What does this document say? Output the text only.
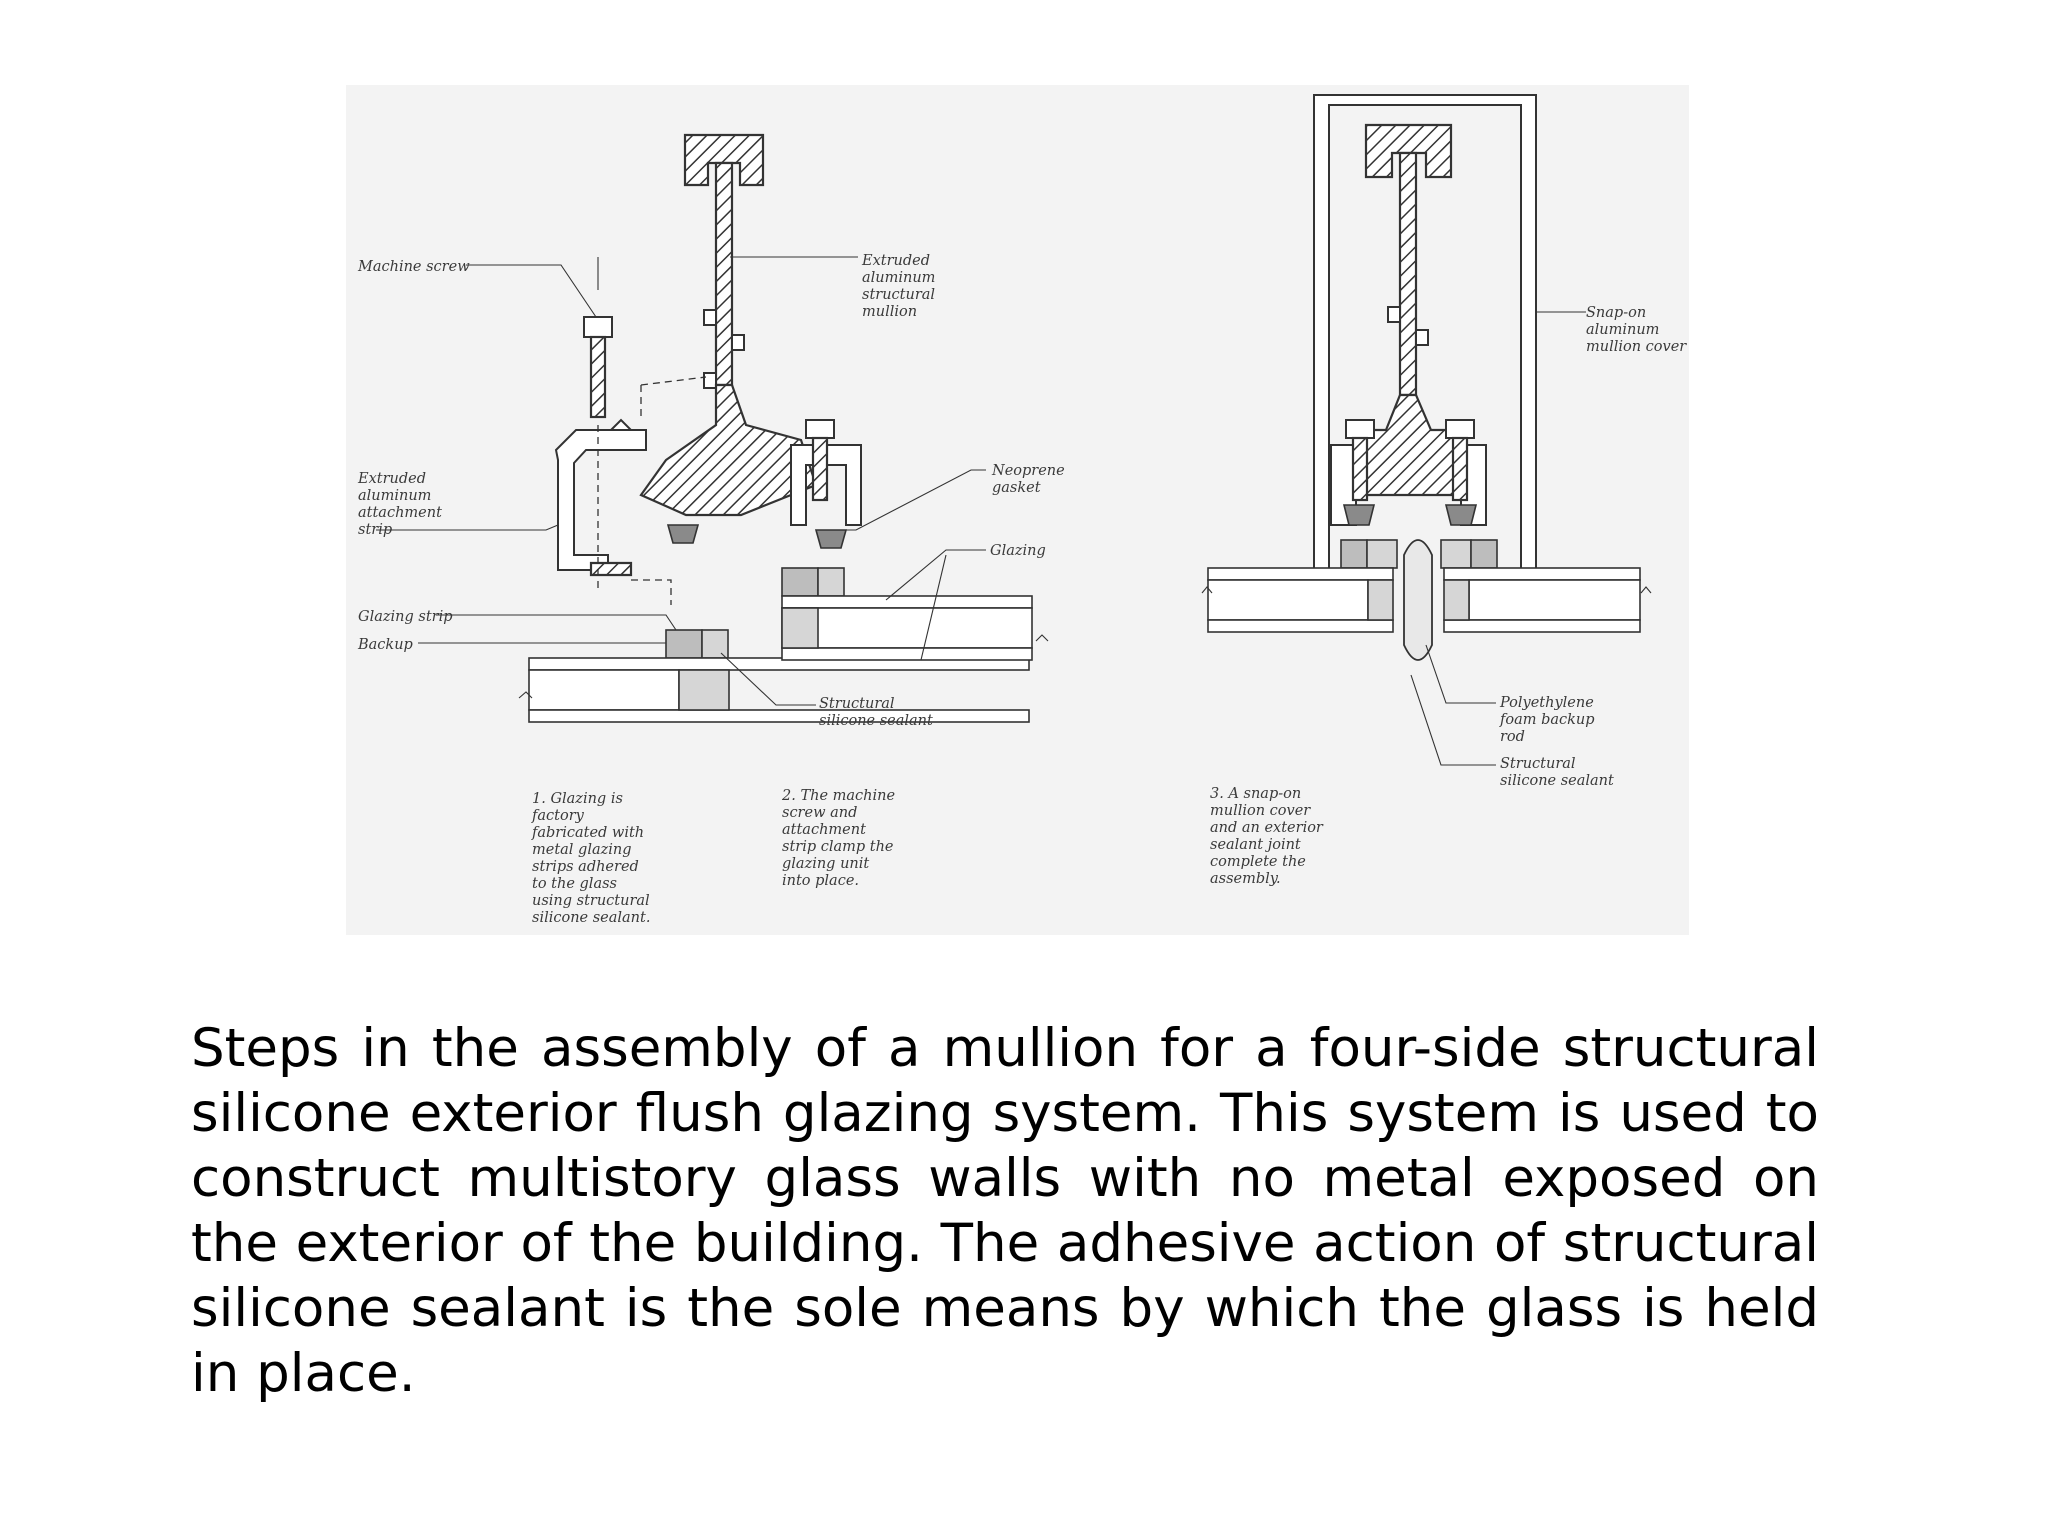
Machine screw	Extruded aluminum structural mullion
Extruded aluminum attachment strip
Neoprene gasket
Glazing
Glazing strip
Backup
Structural silicone sealant
Snap-on aluminum mullion cover
Polyethylene foam backup rod
Structural silicone sealant
1. Glazing is factory fabricated with metal glazing strips adhered to the glass using structural silicone sealant.
2. The machine screw and attachment strip clamp the glazing unit into place.
3. A snap-on mullion cover and an exterior sealant joint complete the assembly.

Steps in the assembly of a mullion for a four-side structural silicone exterior flush glazing system. This system is used to construct multistory glass walls with no metal exposed on the exterior of the building. The adhesive action of structural silicone sealant is the sole means by which the glass is held in place.
